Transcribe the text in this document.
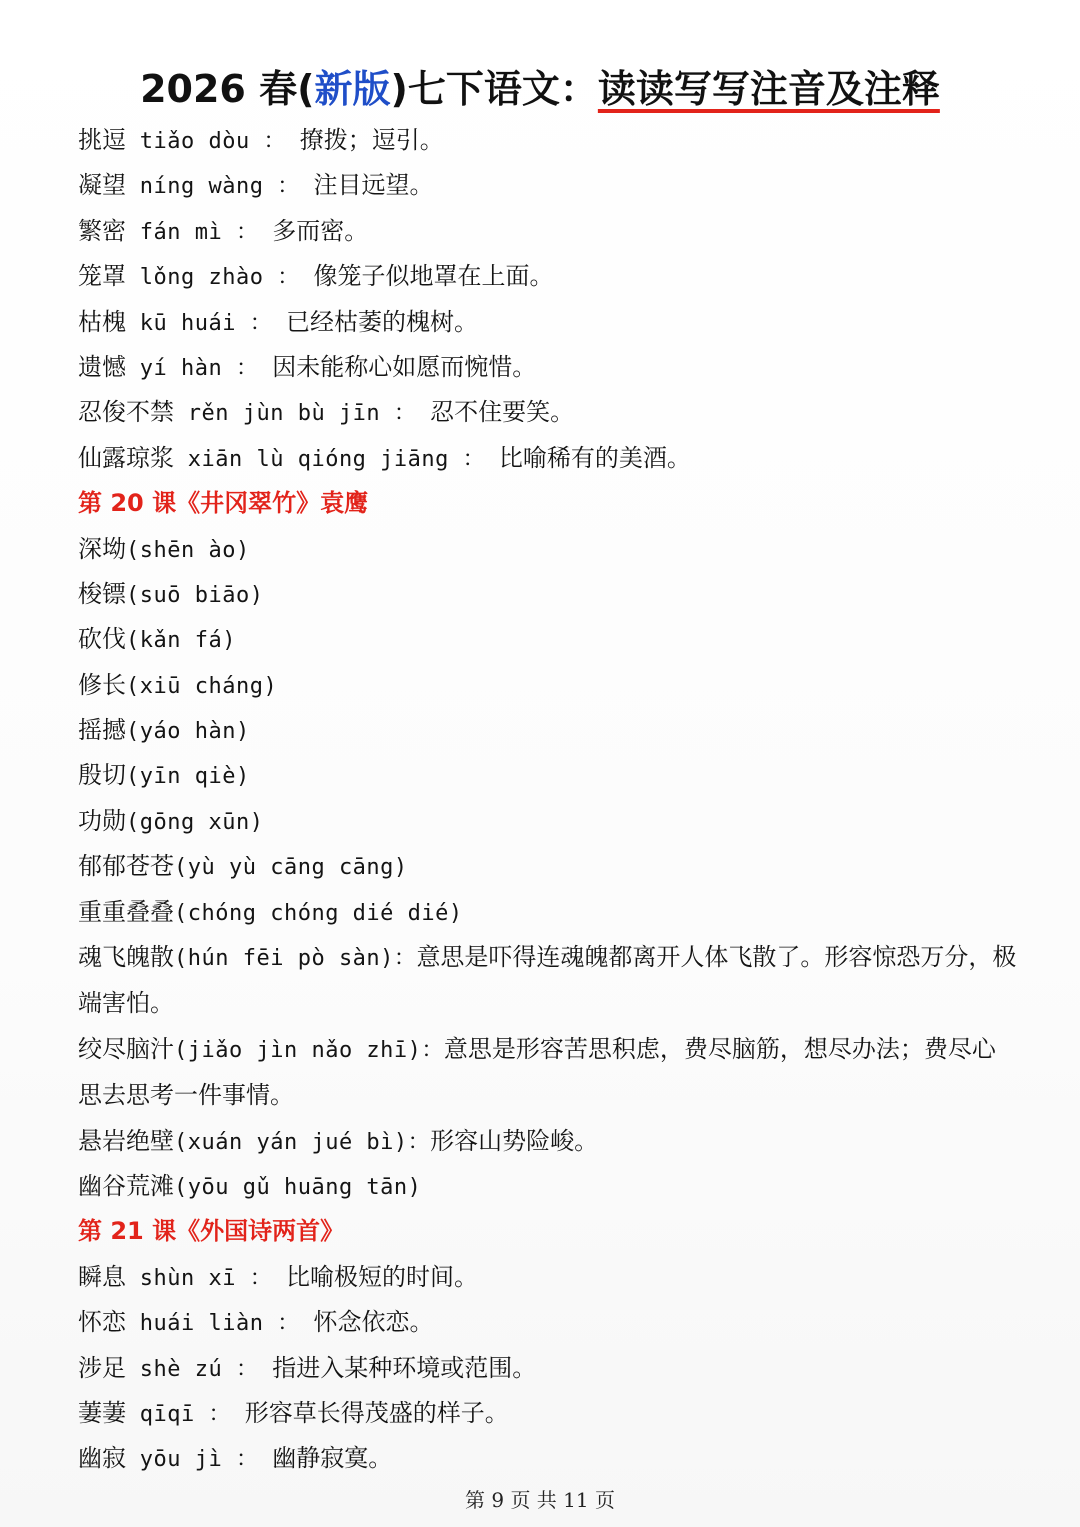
2026 春(新版)七下语文：读读写写注音及注释
挑逗 tiǎo dòu ： 撩拨；逗引。
凝望 níng wàng ： 注目远望。
繁密 fán mì ： 多而密。
笼罩 lǒng zhào ： 像笼子似地罩在上面。
枯槐 kū huái ： 已经枯萎的槐树。
遗憾 yí hàn ： 因未能称心如愿而惋惜。
忍俊不禁 rěn jùn bù jīn ： 忍不住要笑。
仙露琼浆 xiān lù qióng jiāng ： 比喻稀有的美酒。
第 20 课《井冈翠竹》袁鹰
深坳(shēn ào)
梭镖(suō biāo)
砍伐(kǎn fá)
修长(xiū cháng)
摇撼(yáo hàn)
殷切(yīn qiè)
功勋(gōng xūn)
郁郁苍苍(yù yù cāng cāng)
重重叠叠(chóng chóng dié dié)
魂飞魄散(hún fēi pò sàn)：意思是吓得连魂魄都离开人体飞散了。形容惊恐万分，极端害怕。
绞尽脑汁(jiǎo jìn nǎo zhī)：意思是形容苦思积虑，费尽脑筋，想尽办法；费尽心思去思考一件事情。
悬岩绝壁(xuán yán jué bì)：形容山势险峻。
幽谷荒滩(yōu gǔ huāng tān)
第 21 课《外国诗两首》
瞬息 shùn xī ： 比喻极短的时间。
怀恋 huái liàn ： 怀念依恋。
涉足 shè zú ： 指进入某种环境或范围。
萋萋 qīqī ： 形容草长得茂盛的样子。
幽寂 yōu jì ： 幽静寂寞。
第 9 页 共 11 页
